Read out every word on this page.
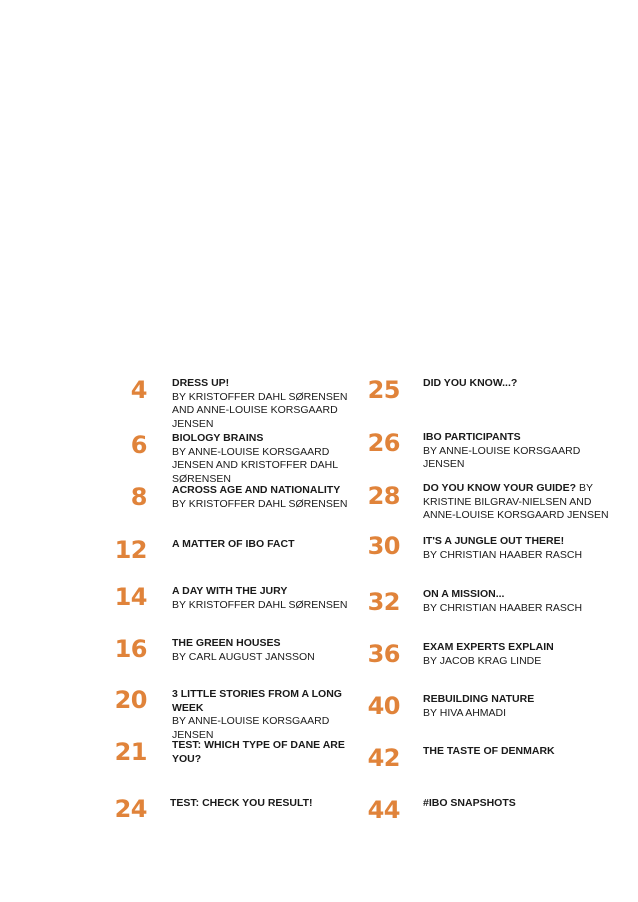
4 DRESS UP!
BY KRISTOFFER DAHL SØRENSEN AND ANNE-LOUISE KORSGAARD JENSEN
6 BIOLOGY BRAINS
BY ANNE-LOUISE KORSGAARD JENSEN AND KRISTOFFER DAHL SØRENSEN
8 ACROSS AGE AND NATIONALITY
BY KRISTOFFER DAHL SØRENSEN
12 A MATTER OF IBO FACT
14 A DAY WITH THE JURY
BY KRISTOFFER DAHL SØRENSEN
16 THE GREEN HOUSES
BY CARL AUGUST JANSSON
20 3 LITTLE STORIES FROM A LONG WEEK
BY ANNE-LOUISE KORSGAARD JENSEN
21 TEST: WHICH TYPE OF DANE ARE YOU?
24 TEST: CHECK YOU RESULT!
25 DID YOU KNOW...?
26 IBO PARTICIPANTS
BY ANNE-LOUISE KORSGAARD JENSEN
28 DO YOU KNOW YOUR GUIDE? BY KRISTINE BILGRAV-NIELSEN AND ANNE-LOUISE KORSGAARD JENSEN
30 IT'S A JUNGLE OUT THERE!
BY CHRISTIAN HAABER RASCH
32 ON A MISSION...
BY CHRISTIAN HAABER RASCH
36 EXAM EXPERTS EXPLAIN
BY JACOB KRAG LINDE
40 REBUILDING NATURE
BY HIVA AHMADI
42 THE TASTE OF DENMARK
44 #IBO SNAPSHOTS
